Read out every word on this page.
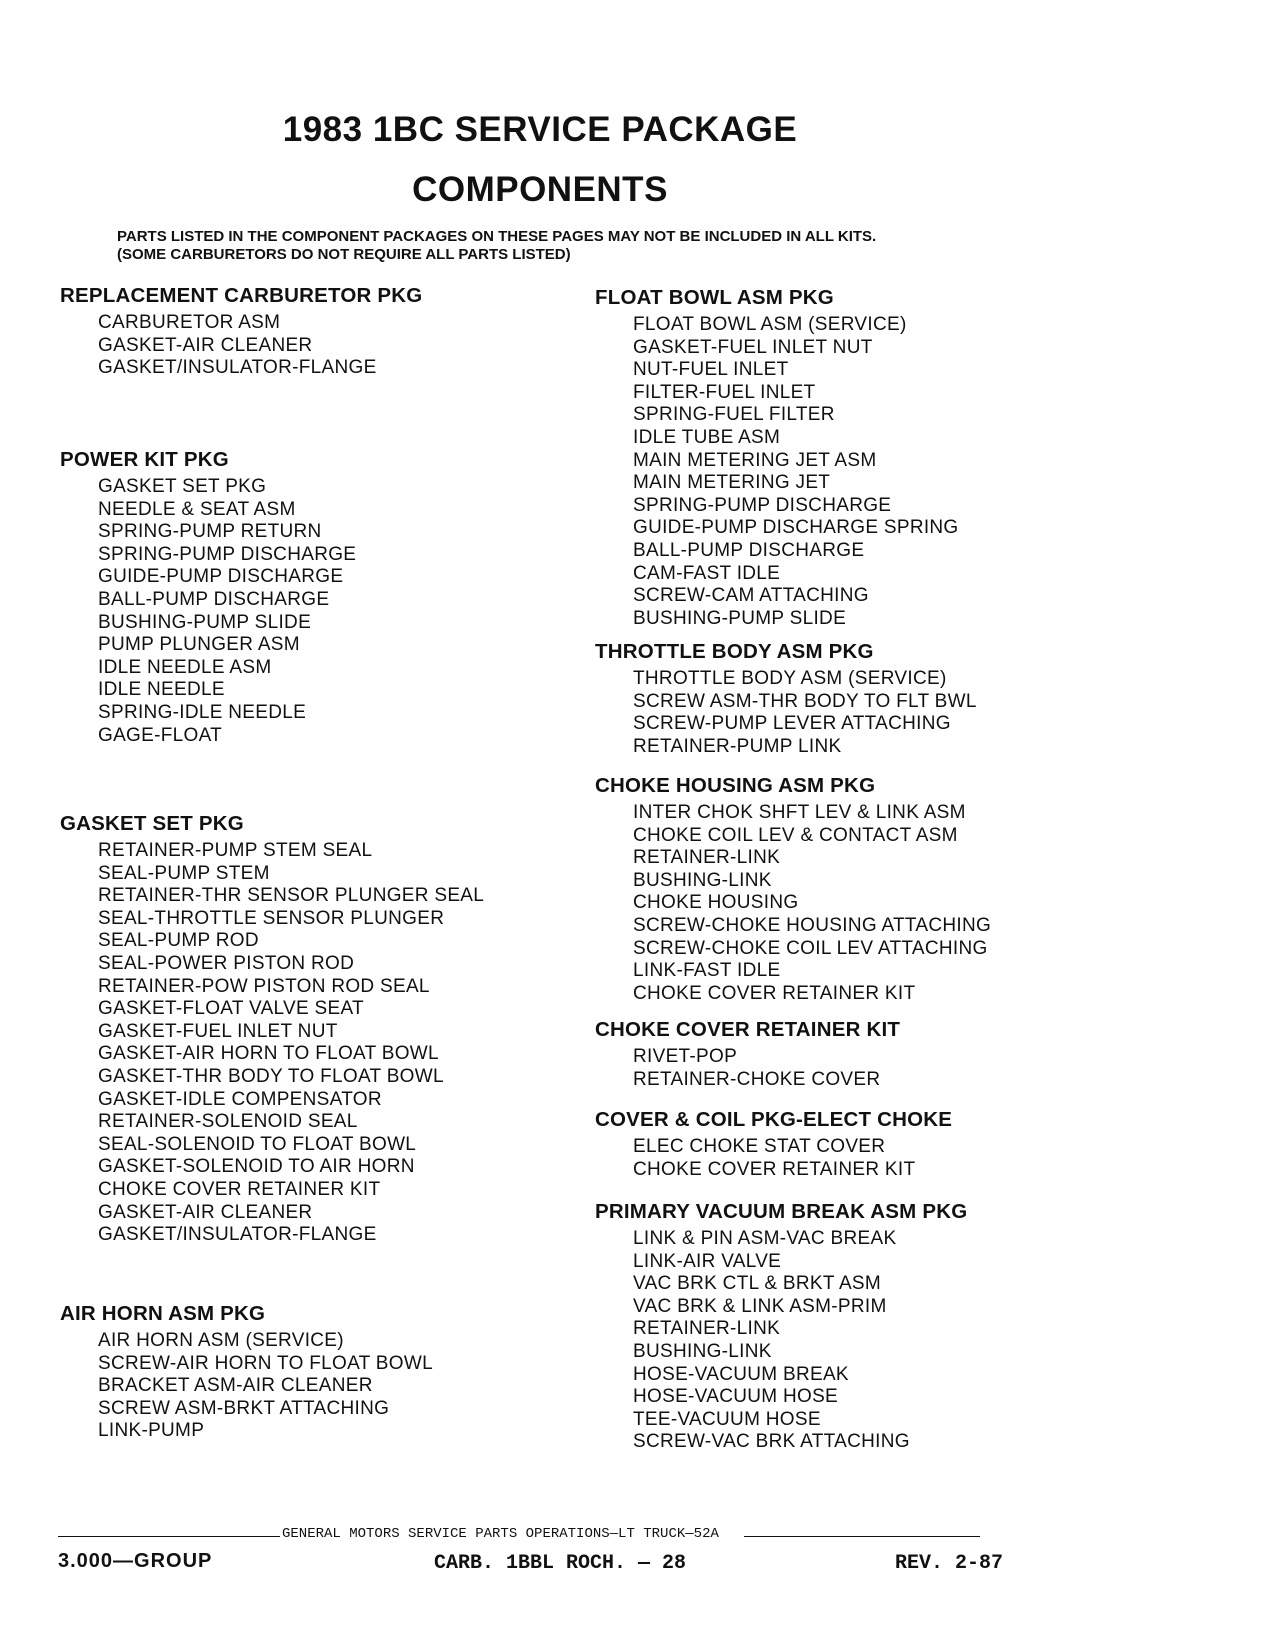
1983 1BC SERVICE PACKAGE
COMPONENTS
PARTS LISTED IN THE COMPONENT PACKAGES ON THESE PAGES MAY NOT BE INCLUDED IN ALL KITS.
(SOME CARBURETORS DO NOT REQUIRE ALL PARTS LISTED)
REPLACEMENT CARBURETOR PKG
CARBURETOR ASM
GASKET-AIR CLEANER
GASKET/INSULATOR-FLANGE
POWER KIT PKG
GASKET SET PKG
NEEDLE & SEAT ASM
SPRING-PUMP RETURN
SPRING-PUMP DISCHARGE
GUIDE-PUMP DISCHARGE
BALL-PUMP DISCHARGE
BUSHING-PUMP SLIDE
PUMP PLUNGER ASM
IDLE NEEDLE ASM
IDLE NEEDLE
SPRING-IDLE NEEDLE
GAGE-FLOAT
GASKET SET PKG
RETAINER-PUMP STEM SEAL
SEAL-PUMP STEM
RETAINER-THR SENSOR PLUNGER SEAL
SEAL-THROTTLE SENSOR PLUNGER
SEAL-PUMP ROD
SEAL-POWER PISTON ROD
RETAINER-POW PISTON ROD SEAL
GASKET-FLOAT VALVE SEAT
GASKET-FUEL INLET NUT
GASKET-AIR HORN TO FLOAT BOWL
GASKET-THR BODY TO FLOAT BOWL
GASKET-IDLE COMPENSATOR
RETAINER-SOLENOID SEAL
SEAL-SOLENOID TO FLOAT BOWL
GASKET-SOLENOID TO AIR HORN
CHOKE COVER RETAINER KIT
GASKET-AIR CLEANER
GASKET/INSULATOR-FLANGE
AIR HORN ASM PKG
AIR HORN ASM (SERVICE)
SCREW-AIR HORN TO FLOAT BOWL
BRACKET ASM-AIR CLEANER
SCREW ASM-BRKT ATTACHING
LINK-PUMP
FLOAT BOWL ASM PKG
FLOAT BOWL ASM (SERVICE)
GASKET-FUEL INLET NUT
NUT-FUEL INLET
FILTER-FUEL INLET
SPRING-FUEL FILTER
IDLE TUBE ASM
MAIN METERING JET ASM
MAIN METERING JET
SPRING-PUMP DISCHARGE
GUIDE-PUMP DISCHARGE SPRING
BALL-PUMP DISCHARGE
CAM-FAST IDLE
SCREW-CAM ATTACHING
BUSHING-PUMP SLIDE
THROTTLE BODY ASM PKG
THROTTLE BODY ASM (SERVICE)
SCREW ASM-THR BODY TO FLT BWL
SCREW-PUMP LEVER ATTACHING
RETAINER-PUMP LINK
CHOKE HOUSING ASM PKG
INTER CHOK SHFT LEV & LINK ASM
CHOKE COIL LEV & CONTACT ASM
RETAINER-LINK
BUSHING-LINK
CHOKE HOUSING
SCREW-CHOKE HOUSING ATTACHING
SCREW-CHOKE COIL LEV ATTACHING
LINK-FAST IDLE
CHOKE COVER RETAINER KIT
CHOKE COVER RETAINER KIT
RIVET-POP
RETAINER-CHOKE COVER
COVER & COIL PKG-ELECT CHOKE
ELEC CHOKE STAT COVER
CHOKE COVER RETAINER KIT
PRIMARY VACUUM BREAK ASM PKG
LINK & PIN ASM-VAC BREAK
LINK-AIR VALVE
VAC BRK CTL & BRKT ASM
VAC BRK & LINK ASM-PRIM
RETAINER-LINK
BUSHING-LINK
HOSE-VACUUM BREAK
HOSE-VACUUM HOSE
TEE-VACUUM HOSE
SCREW-VAC BRK ATTACHING
GENERAL MOTORS SERVICE PARTS OPERATIONS—LT TRUCK—52A
3.000—GROUP	CARB. 1BBL ROCH. — 28	REV. 2-87
